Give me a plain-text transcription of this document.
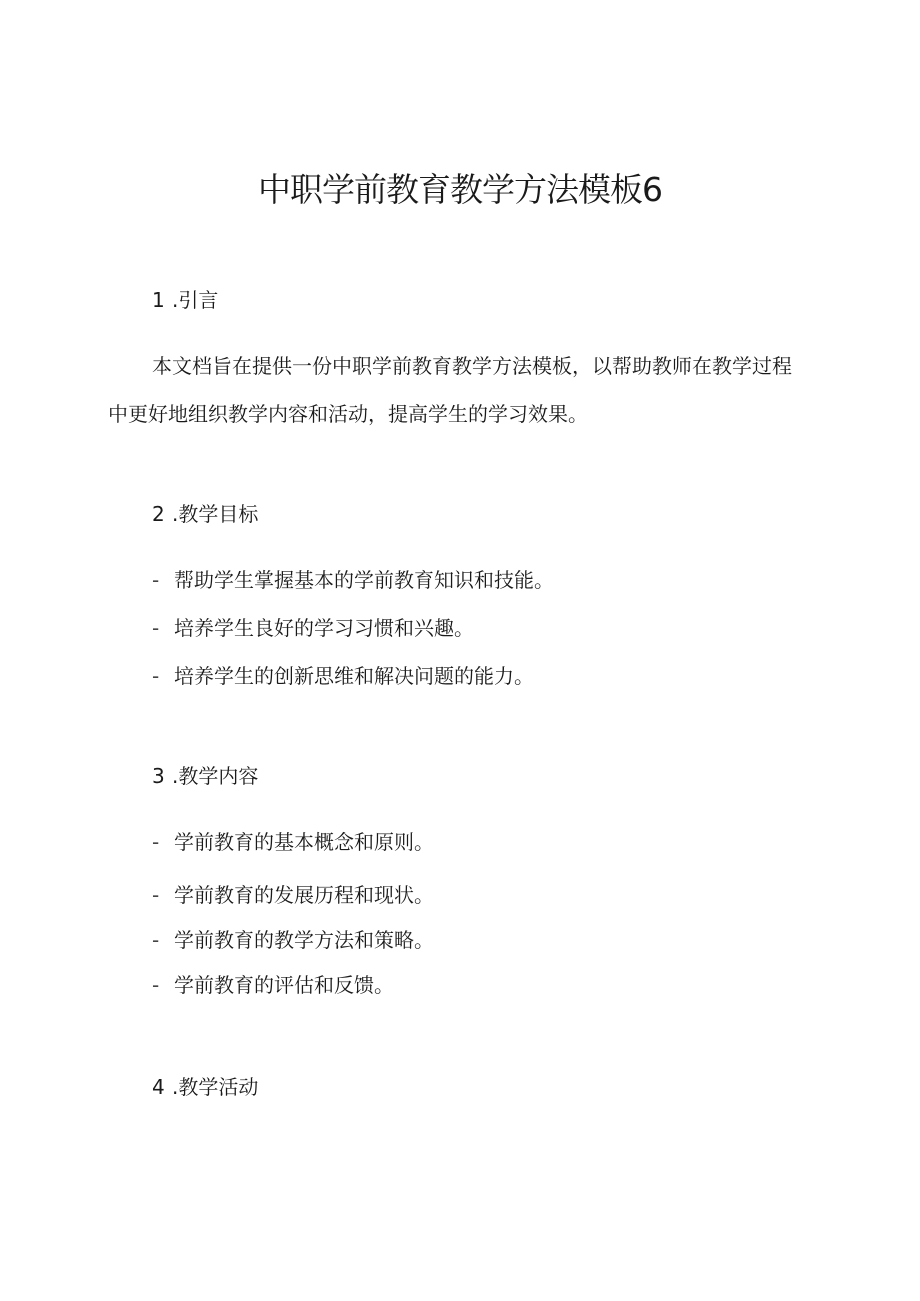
中职学前教育教学方法模板6
1 .引言

本文档旨在提供一份中职学前教育教学方法模板，以帮助教师在教学过程中更好地组织教学内容和活动，提高学生的学习效果。

2 .教学目标
- 帮助学生掌握基本的学前教育知识和技能。
- 培养学生良好的学习习惯和兴趣。
- 培养学生的创新思维和解决问题的能力。
3 .教学内容
- 学前教育的基本概念和原则。
- 学前教育的发展历程和现状。
- 学前教育的教学方法和策略。
- 学前教育的评估和反馈。
4 .教学活动
